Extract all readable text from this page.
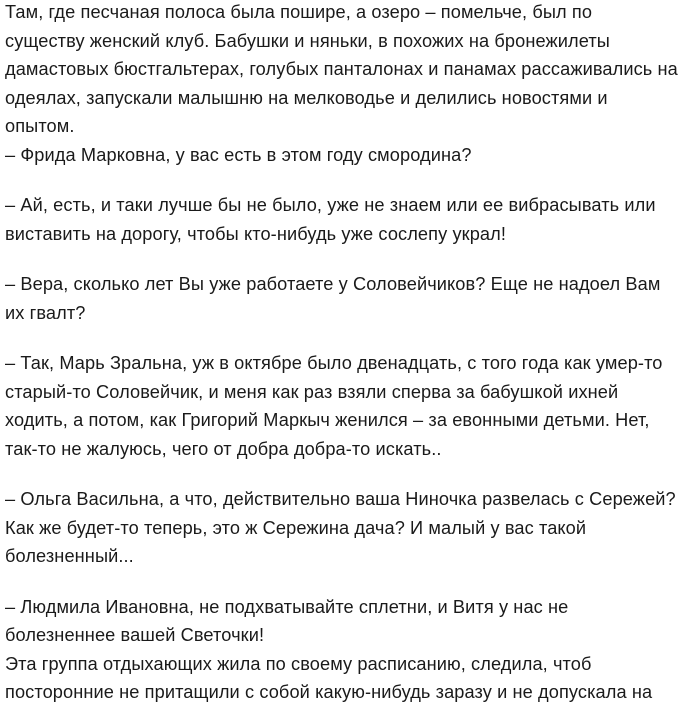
Там, где песчаная полоса была пошире, а озеро – помельче, был по
существу женский клуб. Бабушки и няньки, в похожих на бронежилеты
дамастовых бюстгальтерах, голубых панталонах и панамах рассаживались на
одеялах, запускали малышню на мелководье и делились новостями и
опытом.
– Фрида Марковна, у вас есть в этом году смородина?

– Ай, есть, и таки лучше бы не было, уже не знаем или ее вибрасывать или
виставить на дорогу, чтобы кто-нибудь уже сослепу украл!

– Вера, сколько лет Вы уже работаете у Соловейчиков? Еще не надоел Вам
их гвалт?

– Так, Марь Зральна, уж в октябре было двенадцать, с того года как умер-то
старый-то Соловейчик, и меня как раз взяли сперва за бабушкой ихней
ходить, а потом, как Григорий Маркыч женился – за евонными детьми. Нет,
так-то не жалуюсь, чего от добра добра-то искать..

– Ольга Васильна, а что, действительно ваша Ниночка развелась с Сережей?
Как же будет-то теперь, это ж Сережина дача? И малый у вас такой
болезненный...

– Людмила Ивановна, не подхватывайте сплетни, и Витя у нас не
болезненнее вашей Светочки!
Эта группа отдыхающих жила по своему расписанию, следила, чтоб
посторонние не притащили с собой какую-нибудь заразу и не допускала на
